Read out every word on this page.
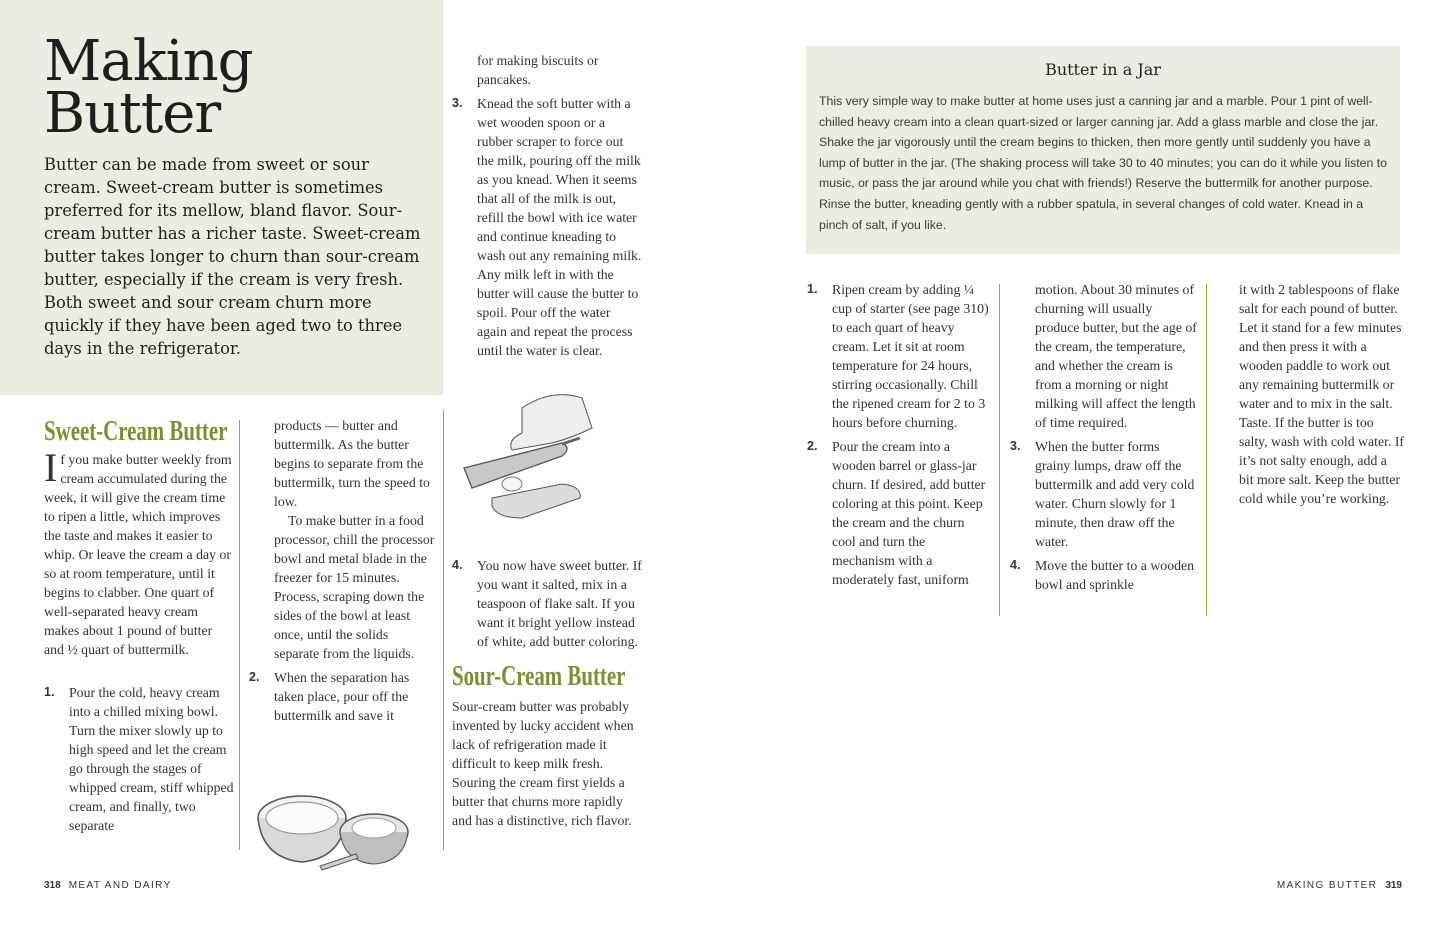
Making
Butter

Butter can be made from sweet or sour cream. Sweet-cream butter is sometimes preferred for its mellow, bland flavor. Sour-cream butter has a richer taste. Sweet-cream butter takes longer to churn than sour-cream butter, especially if the cream is very fresh. Both sweet and sour cream churn more quickly if they have been aged two to three days in the refrigerator.

Sweet-Cream Butter

If you make butter weekly from cream accumulated during the week, it will give the cream time to ripen a little, which improves the taste and makes it easier to whip. Or leave the cream a day or so at room temperature, until it begins to clabber. One quart of well-separated heavy cream makes about 1 pound of butter and ½ quart of buttermilk.

1. Pour the cold, heavy cream into a chilled mixing bowl. Turn the mixer slowly up to high speed and let the cream go through the stages of whipped cream, stiff whipped cream, and finally, two separate

products — butter and buttermilk. As the butter begins to separate from the buttermilk, turn the speed to low.

To make butter in a food processor, chill the processor bowl and metal blade in the freezer for 15 minutes. Process, scraping down the sides of the bowl at least once, until the solids separate from the liquids.

2. When the separation has taken place, pour off the buttermilk and save it

for making biscuits or pancakes.

3. Knead the soft butter with a wet wooden spoon or a rubber scraper to force out the milk, pouring off the milk as you knead. When it seems that all of the milk is out, refill the bowl with ice water and continue kneading to wash out any remaining milk. Any milk left in with the butter will cause the butter to spoil. Pour off the water again and repeat the process until the water is clear.
4. You now have sweet butter. If you want it salted, mix in a teaspoon of flake salt. If you want it bright yellow instead of white, add butter coloring.
Sour-Cream Butter

Sour-cream butter was probably invented by lucky accident when lack of refrigeration made it difficult to keep milk fresh. Souring the cream first yields a butter that churns more rapidly and has a distinctive, rich flavor.

318 MEAT AND DAIRY
Butter in a Jar

This very simple way to make butter at home uses just a canning jar and a marble. Pour 1 pint of well-chilled heavy cream into a clean quart-sized or larger canning jar. Add a glass marble and close the jar. Shake the jar vigorously until the cream begins to thicken, then more gently until suddenly you have a lump of butter in the jar. (The shaking process will take 30 to 40 minutes; you can do it while you listen to music, or pass the jar around while you chat with friends!) Reserve the buttermilk for another purpose. Rinse the butter, kneading gently with a rubber spatula, in several changes of cold water. Knead in a pinch of salt, if you like.

1. Ripen cream by adding ¼ cup of starter (see page 310) to each quart of heavy cream. Let it sit at room temperature for 24 hours, stirring occasionally. Chill the ripened cream for 2 to 3 hours before churning.
2. Pour the cream into a wooden barrel or glass-jar churn. If desired, add butter coloring at this point. Keep the cream and the churn cool and turn the mechanism with a moderately fast, uniform

motion. About 30 minutes of churning will usually produce butter, but the age of the cream, the temperature, and whether the cream is from a morning or night milking will affect the length of time required.

3. When the butter forms grainy lumps, draw off the buttermilk and add very cold water. Churn slowly for 1 minute, then draw off the water.
4. Move the butter to a wooden bowl and sprinkle

it with 2 tablespoons of flake salt for each pound of butter. Let it stand for a few minutes and then press it with a wooden paddle to work out any remaining buttermilk or water and to mix in the salt. Taste. If the butter is too salty, wash with cold water. If it’s not salty enough, add a bit more salt. Keep the butter cold while you’re working.

MAKING BUTTER 319
